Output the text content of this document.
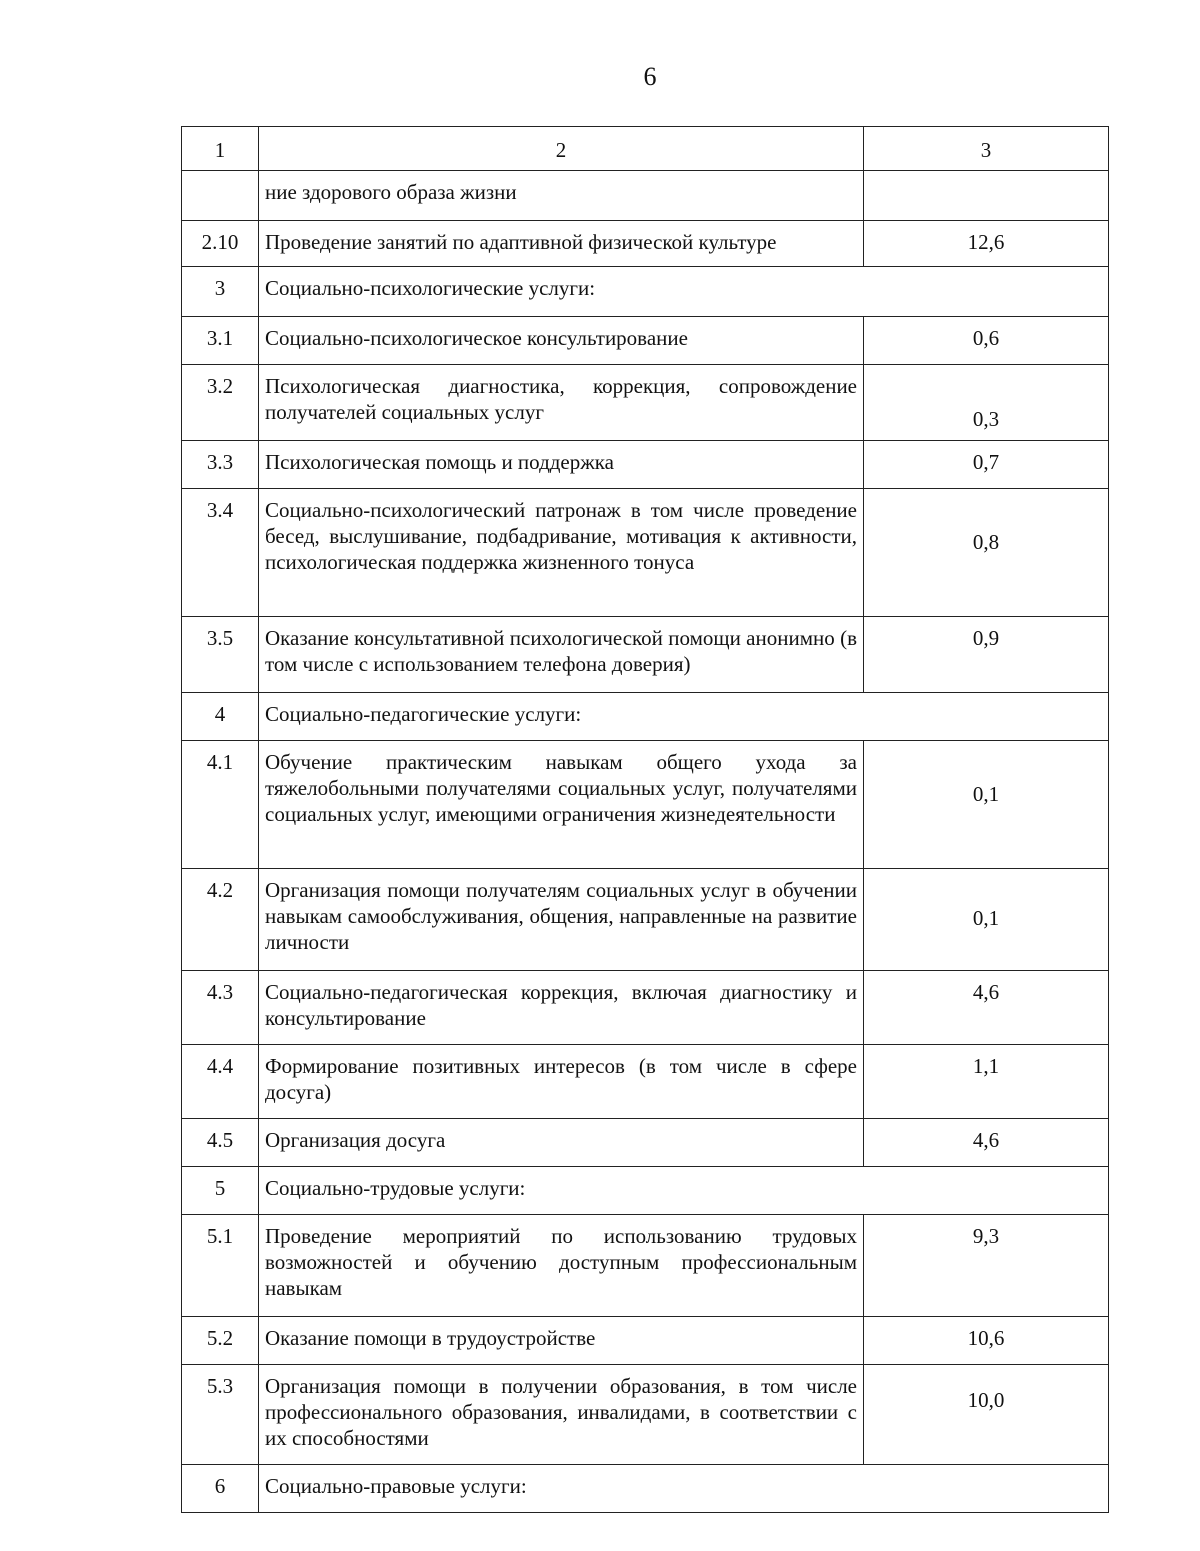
6
1	2	3
	ние здорового образа жизни	
2.10	Проведение занятий по адаптивной физической культуре	12,6
3	Социально-психологические услуги:	
3.1	Социально-психологическое консультирование	0,6
3.2	Психологическая диагностика, коррекция, сопровождение получателей социальных услуг	0,3
3.3	Психологическая помощь и поддержка	0,7
3.4	Социально-психологический патронаж в том числе проведение бесед, выслушивание, подбадривание, мотивация к активности, психологическая поддержка жизненного тонуса	0,8
3.5	Оказание консультативной психологической помощи анонимно (в том числе с использованием телефона доверия)	0,9
4	Социально-педагогические услуги:	
4.1	Обучение практическим навыкам общего ухода за тяжелобольными получателями социальных услуг, получателями социальных услуг, имеющими ограничения жизнедеятельности	0,1
4.2	Организация помощи получателям социальных услуг в обучении навыкам самообслуживания, общения, направленные на развитие личности	0,1
4.3	Социально-педагогическая коррекция, включая диагностику и консультирование	4,6
4.4	Формирование позитивных интересов (в том числе в сфере досуга)	1,1
4.5	Организация досуга	4,6
5	Социально-трудовые услуги:	
5.1	Проведение мероприятий по использованию трудовых возможностей и обучению доступным профессиональным навыкам	9,3
5.2	Оказание помощи в трудоустройстве	10,6
5.3	Организация помощи в получении образования, в том числе профессионального образования, инвалидами, в соответствии с их способностями	10,0
6	Социально-правовые услуги:	
